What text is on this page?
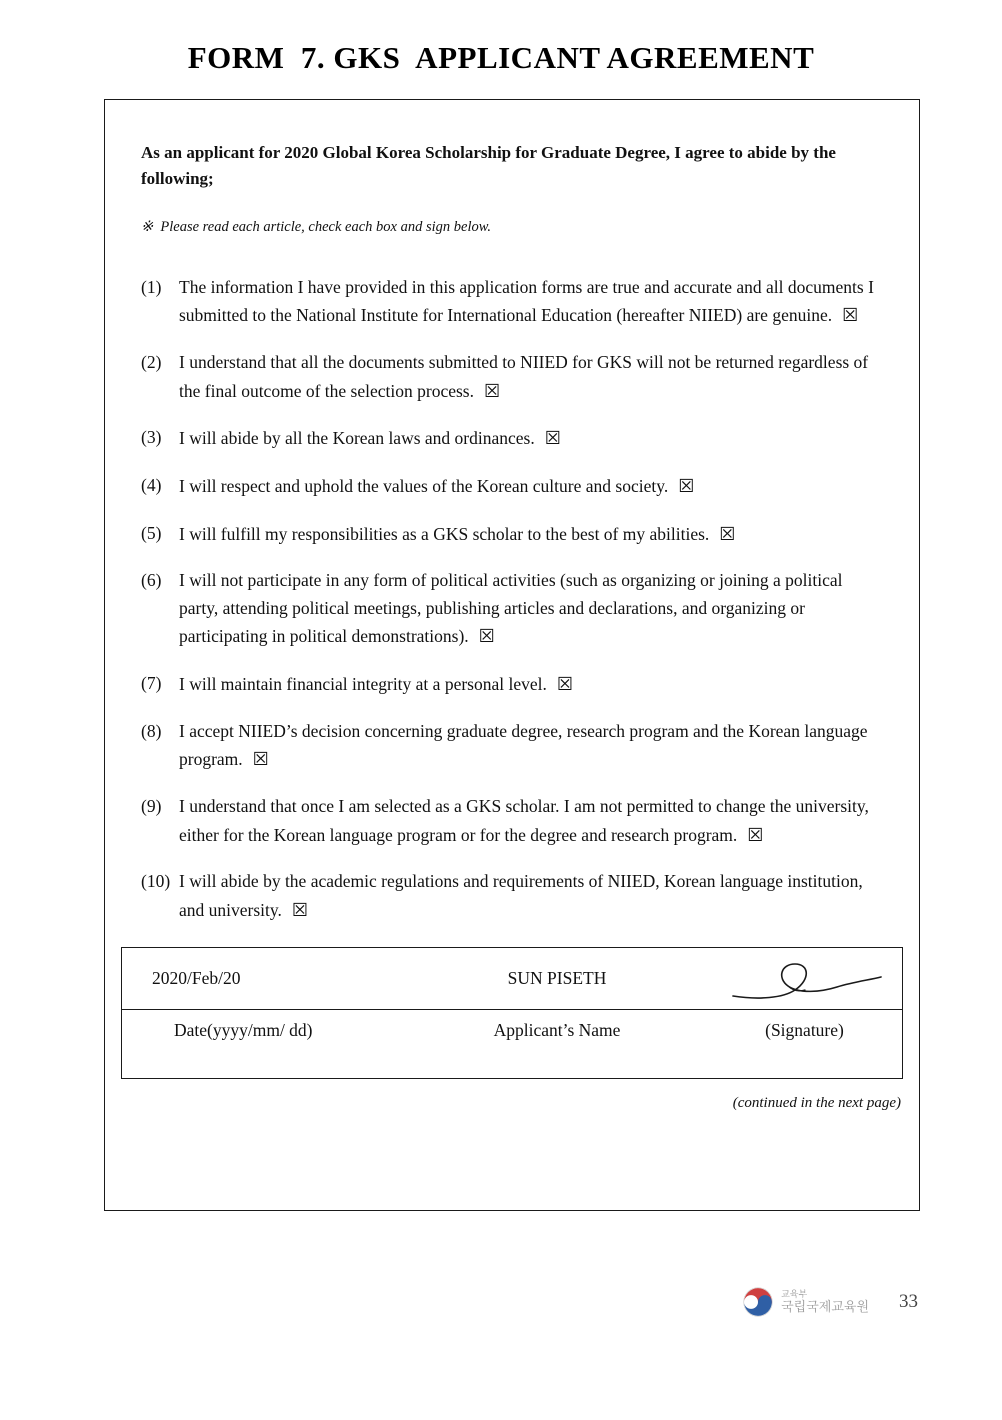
FORM  7. GKS  APPLICANT AGREEMENT
As an applicant for 2020 Global Korea Scholarship for Graduate Degree, I agree to abide by the following;
※  Please read each article, check each box and sign below.
(1)	The information I have provided in this application forms are true and accurate and all documents I submitted to the National Institute for International Education (hereafter NIIED) are genuine. ☒
(2)	I understand that all the documents submitted to NIIED for GKS will not be returned regardless of the final outcome of the selection process. ☒
(3)	I will abide by all the Korean laws and ordinances. ☒
(4)	I will respect and uphold the values of the Korean culture and society. ☒
(5)	I will fulfill my responsibilities as a GKS scholar to the best of my abilities. ☒
(6)	I will not participate in any form of political activities (such as organizing or joining a political party, attending political meetings, publishing articles and declarations, and organizing or participating in political demonstrations). ☒
(7)	I will maintain financial integrity at a personal level. ☒
(8)	I accept NIIED’s decision concerning graduate degree, research program and the Korean language program. ☒
(9)	I understand that once I am selected as a GKS scholar. I am not permitted to change the university, either for the Korean language program or for the degree and research program. ☒
(10) I will abide by the academic regulations and requirements of NIIED, Korean language institution, and university. ☒
2020/Feb/20	SUN PISETH
Date(yyyy/mm/ dd)	Applicant’s Name	(Signature)
(continued in the next page)
교육부
국립국제교육원 33
